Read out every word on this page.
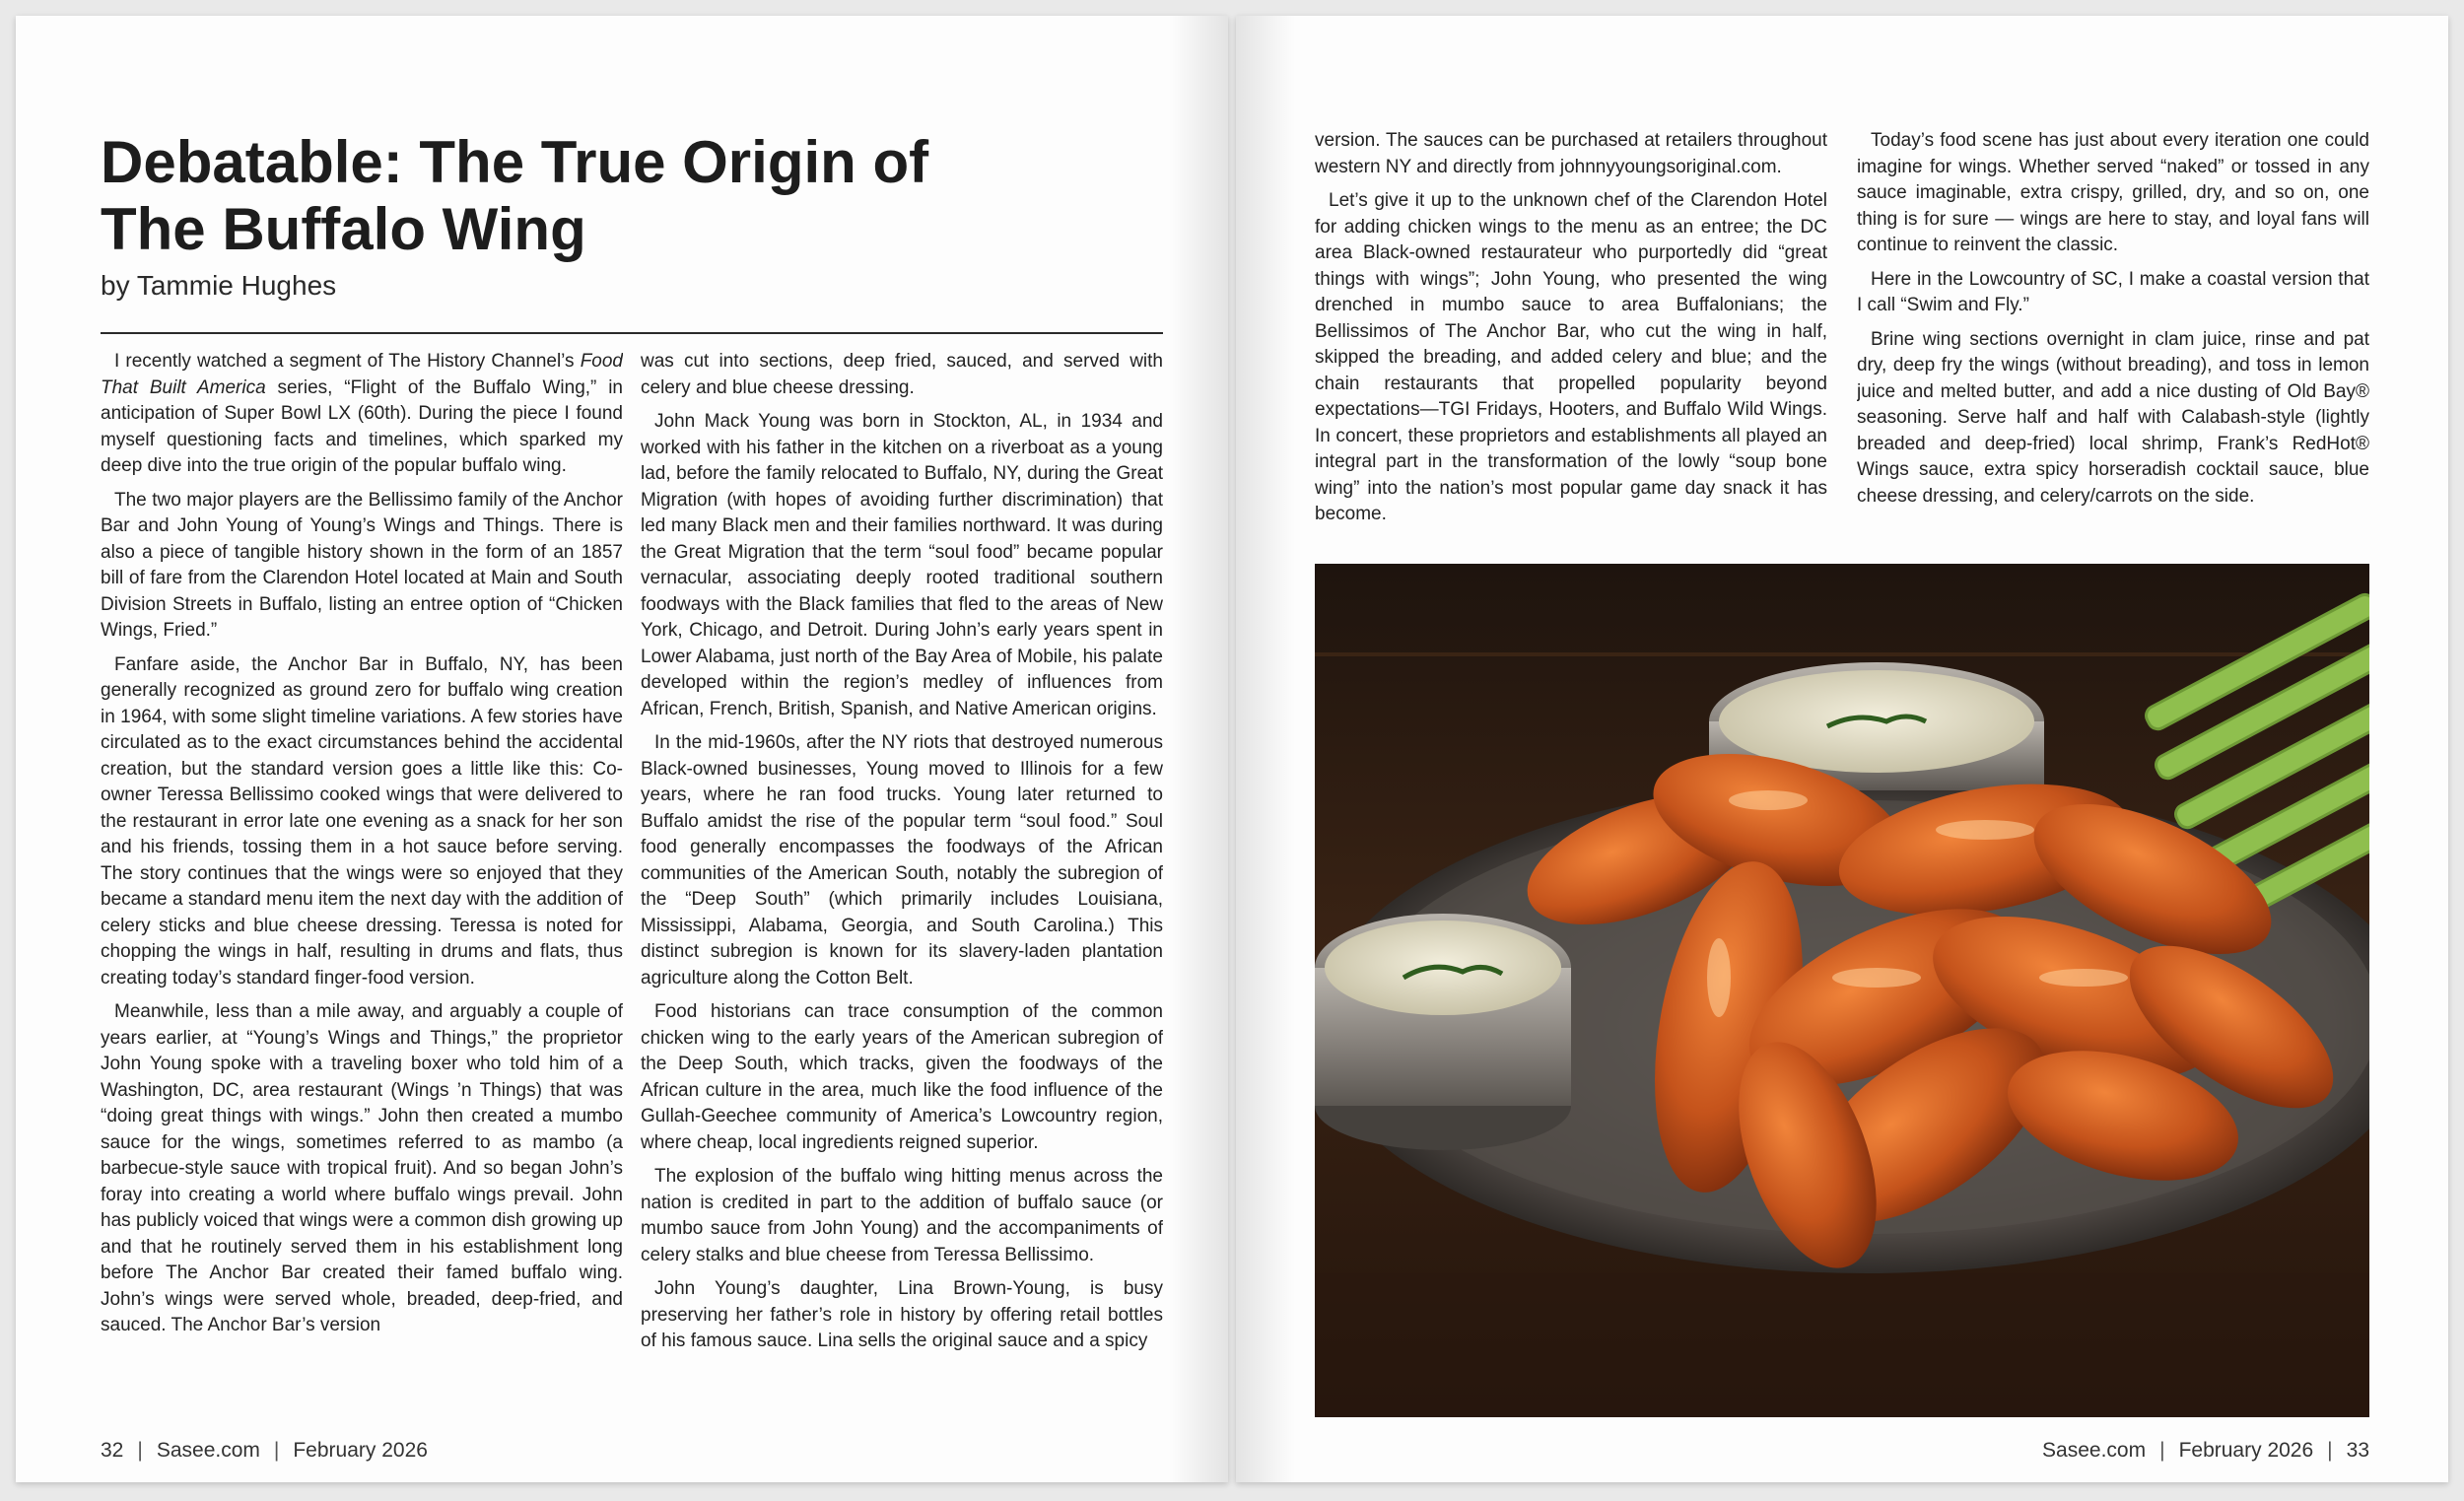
Debatable: The True Origin of The Buffalo Wing

by Tammie Hughes

I recently watched a segment of The History Channel’s Food That Built America series, “Flight of the Buffalo Wing,” in anticipation of Super Bowl LX (60th). During the piece I found myself questioning facts and timelines, which sparked my deep dive into the true origin of the popular buffalo wing.

The two major players are the Bellissimo family of the Anchor Bar and John Young of Young’s Wings and Things. There is also a piece of tangible history shown in the form of an 1857 bill of fare from the Clarendon Hotel located at Main and South Division Streets in Buffalo, listing an entree option of “Chicken Wings, Fried.”

Fanfare aside, the Anchor Bar in Buffalo, NY, has been generally recognized as ground zero for buffalo wing creation in 1964, with some slight timeline variations. A few stories have circulated as to the exact circumstances behind the accidental creation, but the standard version goes a little like this: Co-owner Teressa Bellissimo cooked wings that were delivered to the restaurant in error late one evening as a snack for her son and his friends, tossing them in a hot sauce before serving. The story continues that the wings were so enjoyed that they became a standard menu item the next day with the addition of celery sticks and blue cheese dressing. Teressa is noted for chopping the wings in half, resulting in drums and flats, thus creating today’s standard finger-food version.

Meanwhile, less than a mile away, and arguably a couple of years earlier, at “Young’s Wings and Things,” the proprietor John Young spoke with a traveling boxer who told him of a Washington, DC, area restaurant (Wings ’n Things) that was “doing great things with wings.” John then created a mumbo sauce for the wings, sometimes referred to as mambo (a barbecue-style sauce with tropical fruit). And so began John’s foray into creating a world where buffalo wings prevail. John has publicly voiced that wings were a common dish growing up and that he routinely served them in his establishment long before The Anchor Bar created their famed buffalo wing. John’s wings were served whole, breaded, deep-fried, and sauced. The Anchor Bar’s version

was cut into sections, deep fried, sauced, and served with celery and blue cheese dressing.

John Mack Young was born in Stockton, AL, in 1934 and worked with his father in the kitchen on a riverboat as a young lad, before the family relocated to Buffalo, NY, during the Great Migration (with hopes of avoiding further discrimination) that led many Black men and their families northward. It was during the Great Migration that the term “soul food” became popular vernacular, associating deeply rooted traditional southern foodways with the Black families that fled to the areas of New York, Chicago, and Detroit. During John’s early years spent in Lower Alabama, just north of the Bay Area of Mobile, his palate developed within the region’s medley of influences from African, French, British, Spanish, and Native American origins.

In the mid-1960s, after the NY riots that destroyed numerous Black-owned businesses, Young moved to Illinois for a few years, where he ran food trucks. Young later returned to Buffalo amidst the rise of the popular term “soul food.” Soul food generally encompasses the foodways of the African communities of the American South, notably the subregion of the “Deep South” (which primarily includes Louisiana, Mississippi, Alabama, Georgia, and South Carolina.) This distinct subregion is known for its slavery-laden plantation agriculture along the Cotton Belt.

Food historians can trace consumption of the common chicken wing to the early years of the American subregion of the Deep South, which tracks, given the foodways of the African culture in the area, much like the food influence of the Gullah-Geechee community of America’s Lowcountry region, where cheap, local ingredients reigned superior.

The explosion of the buffalo wing hitting menus across the nation is credited in part to the addition of buffalo sauce (or mumbo sauce from John Young) and the accompaniments of celery stalks and blue cheese from Teressa Bellissimo.

John Young’s daughter, Lina Brown-Young, is busy preserving her father’s role in history by offering retail bottles of his famous sauce. Lina sells the original sauce and a spicy

32 | Sasee.com | February 2026

version. The sauces can be purchased at retailers throughout western NY and directly from johnnyyoungsoriginal.com.

Let’s give it up to the unknown chef of the Clarendon Hotel for adding chicken wings to the menu as an entree; the DC area Black-owned restaurateur who purportedly did “great things with wings”; John Young, who presented the wing drenched in mumbo sauce to area Buffalonians; the Bellissimos of The Anchor Bar, who cut the wing in half, skipped the breading, and added celery and blue; and the chain restaurants that propelled popularity beyond expectations—TGI Fridays, Hooters, and Buffalo Wild Wings. In concert, these proprietors and establishments all played an integral part in the transformation of the lowly “soup bone wing” into the nation’s most popular game day snack it has become.

Today’s food scene has just about every iteration one could imagine for wings. Whether served “naked” or tossed in any sauce imaginable, extra crispy, grilled, dry, and so on, one thing is for sure — wings are here to stay, and loyal fans will continue to reinvent the classic.

Here in the Lowcountry of SC, I make a coastal version that I call “Swim and Fly.”

Brine wing sections overnight in clam juice, rinse and pat dry, deep fry the wings (without breading), and toss in lemon juice and melted butter, and add a nice dusting of Old Bay® seasoning. Serve half and half with Calabash-style (lightly breaded and deep-fried) local shrimp, Frank’s RedHot® Wings sauce, extra spicy horseradish cocktail sauce, blue cheese dressing, and celery/carrots on the side.

Sasee.com | February 2026 | 33
